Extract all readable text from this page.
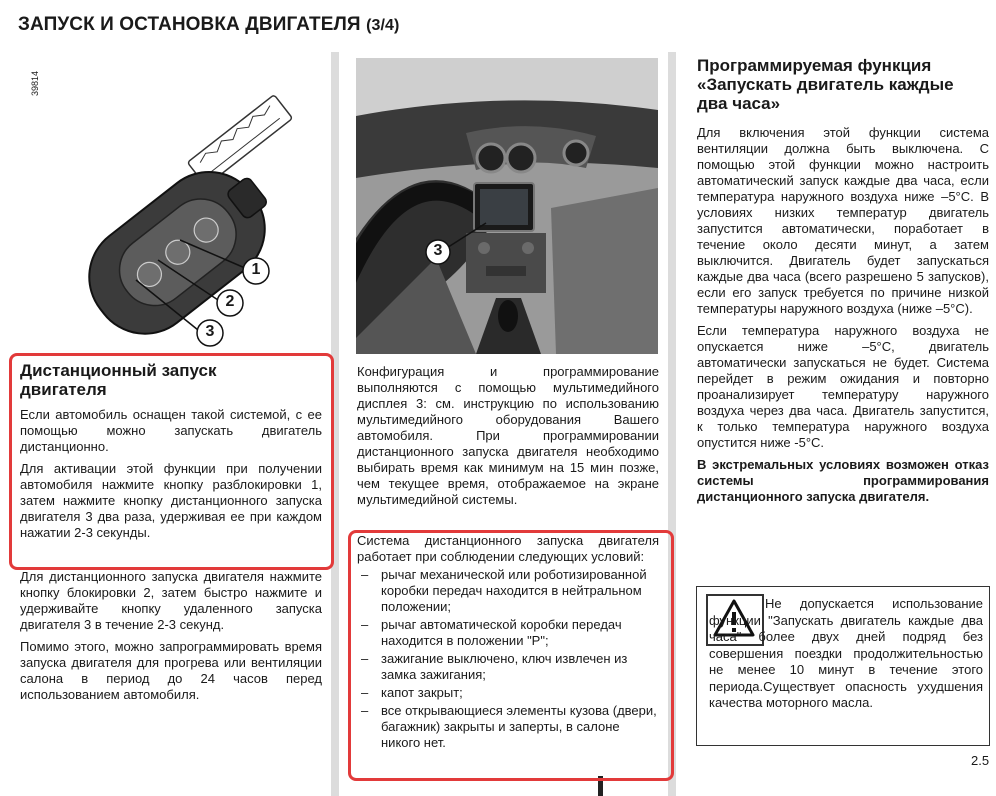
ЗАПУСК И ОСТАНОВКА ДВИГАТЕЛЯ (3/4)
39814
1
2
3
Дистанционный запуск двигателя

Если автомобиль оснащен такой системой, с ее помощью можно запускать двигатель дистанционно.

Для активации этой функции при получении автомобиля нажмите кнопку разблокировки 1, затем нажмите кнопку дистанционного запуска двигателя 3 два раза, удерживая ее при каждом нажатии 2-3 секунды.

Для дистанционного запуска двигателя нажмите кнопку блокировки 2, затем быстро нажмите и удерживайте кнопку удаленного запуска двигателя 3 в течение 2-3 секунд.

Помимо этого, можно запрограммировать время запуска двигателя для прогрева или вентиляции салона в период до 24 часов перед использованием автомобиля.

3

Конфигурация и программирование выполняются с помощью мультимедийного дисплея 3: см. инструкцию по использованию мультимедийного оборудования Вашего автомобиля. При программировании дистанционного запуска двигателя необходимо выбирать время как минимум на 15 мин позже, чем текущее время, отображаемое на экране мультимедийной системы.

Система дистанционного запуска двигателя работает при соблюдении следующих условий:
– рычаг механической или роботизированной коробки передач находится в нейтральном положении;
– рычаг автоматической коробки передач находится в положении "P";
– зажигание выключено, ключ извлечен из замка зажигания;
– капот закрыт;
– все открывающиеся элементы кузова (двери, багажник) закрыты и заперты, в салоне никого нет.
Программируемая функция «Запускать двигатель каждые два часа»

Для включения этой функции система вентиляции должна быть выключена. С помощью этой функции можно настроить автоматический запуск каждые два часа, если температура наружного воздуха ниже –5°C. В условиях низких температур двигатель запустится автоматически, поработает в течение около десяти минут, а затем выключится. Двигатель будет запускаться каждые два часа (всего разрешено 5 запусков), если его запуск требуется по причине низкой температуры наружного воздуха (ниже –5°C).

Если температура наружного воздуха не опускается ниже –5°C, двигатель автоматически запускаться не будет. Система перейдет в режим ожидания и повторно проанализирует температуру наружного воздуха через два часа. Двигатель запустится, к только температура наружного воздуха опустится ниже -5°C.

В экстремальных условиях возможен отказ системы программирования дистанционного запуска двигателя.

Не допускается использование функции "Запускать двигатель каждые два часа" более двух дней подряд без совершения поездки продолжительностью не менее 10 минут в течение этого периода.Существует опасность ухудшения качества моторного масла.
2.5
